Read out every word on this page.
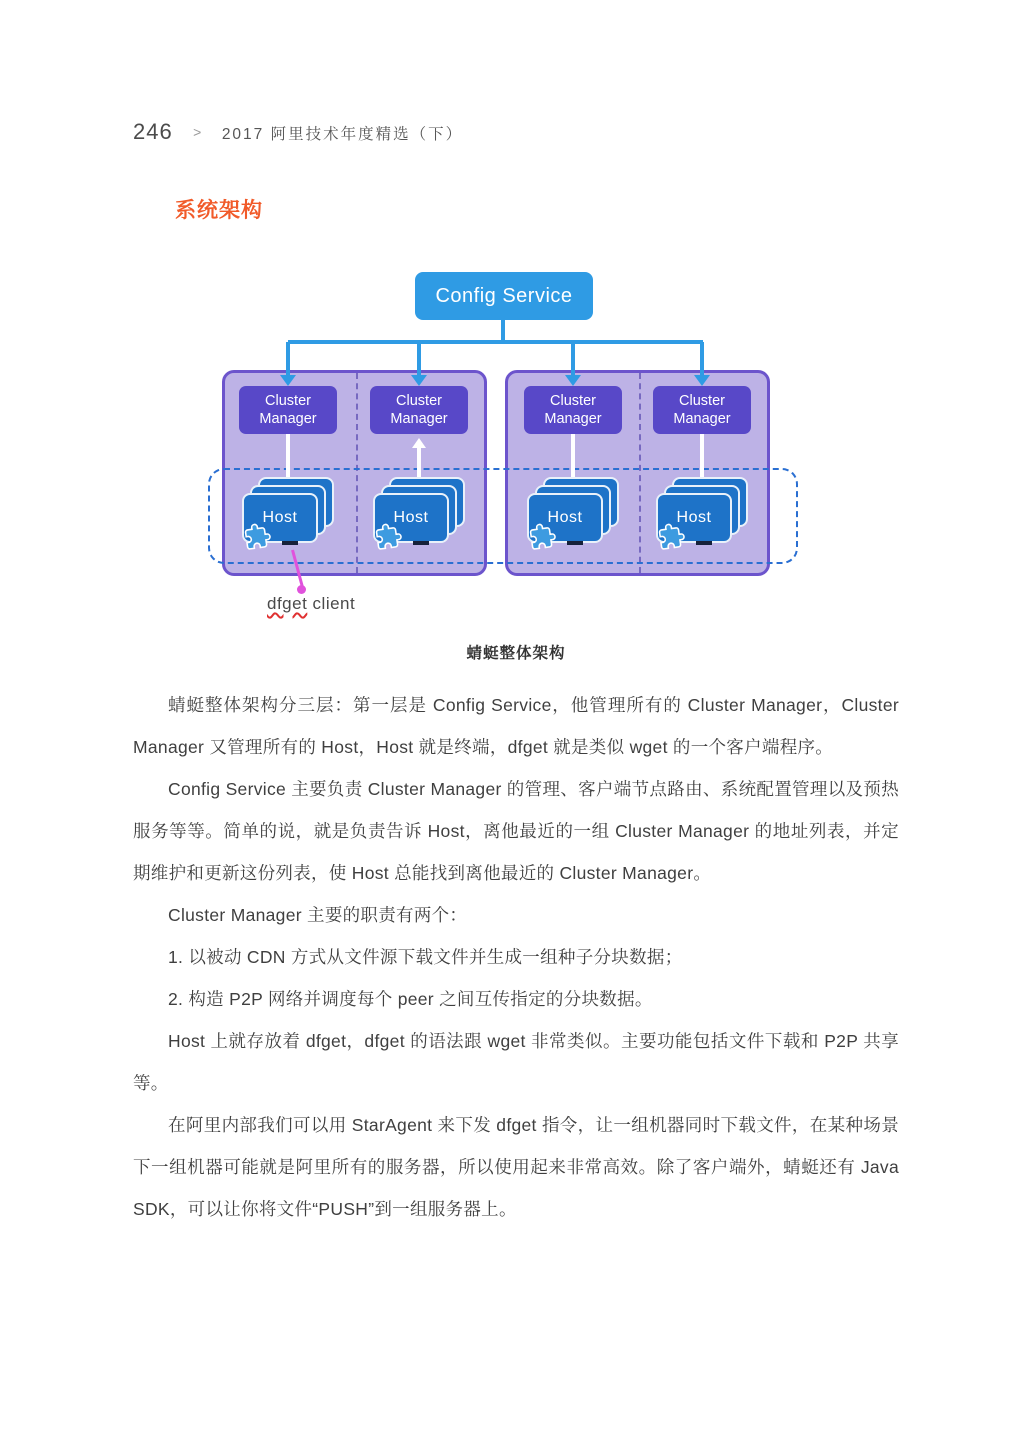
246 > 2017 阿里技术年度精选（下）
系统架构
Config Service
Cluster Manager
Cluster Manager
Cluster Manager
Cluster Manager
Host	Host	Host	Host
dfget client

蜻蜓整体架构

蜻蜓整体架构分三层：第一层是 Config Service，他管理所有的 Cluster Manager，Cluster Manager 又管理所有的 Host，Host 就是终端，dfget 就是类似 wget 的一个客户端程序。

Config Service 主要负责 Cluster Manager 的管理、客户端节点路由、系统配置管理以及预热服务等等。简单的说，就是负责告诉 Host，离他最近的一组 Cluster Manager 的地址列表，并定期维护和更新这份列表，使 Host 总能找到离他最近的 Cluster Manager。

Cluster Manager 主要的职责有两个：

1. 以被动 CDN 方式从文件源下载文件并生成一组种子分块数据；

2. 构造 P2P 网络并调度每个 peer 之间互传指定的分块数据。

Host 上就存放着 dfget，dfget 的语法跟 wget 非常类似。主要功能包括文件下载和 P2P 共享等。

在阿里内部我们可以用 StarAgent 来下发 dfget 指令，让一组机器同时下载文件，在某种场景下一组机器可能就是阿里所有的服务器，所以使用起来非常高效。除了客户端外，蜻蜓还有 Java SDK，可以让你将文件“PUSH”到一组服务器上。
